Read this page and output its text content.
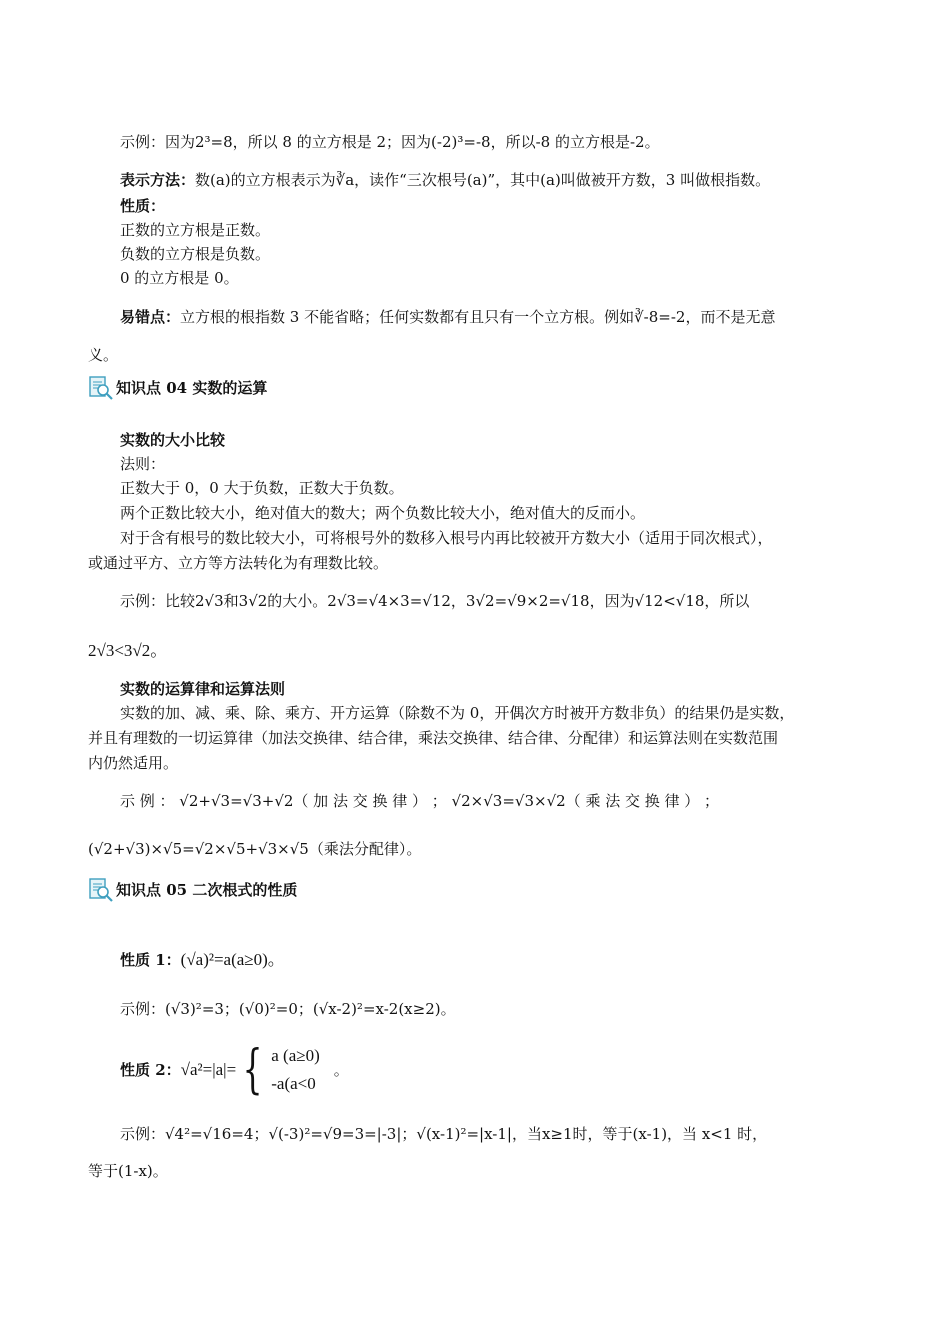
示例：因为2³=8，所以 8 的立方根是 2；因为(-2)³=-8，所以-8 的立方根是-2。
表示方法：数(a)的立方根表示为∛a，读作“三次根号(a)”，其中(a)叫做被开方数，3 叫做根指数。
性质：
正数的立方根是正数。
负数的立方根是负数。
0 的立方根是 0。
易错点：立方根的根指数 3 不能省略；任何实数都有且只有一个立方根。例如∛-8=-2，而不是无意
义。
知识点 04 实数的运算
实数的大小比较
法则：
正数大于 0，0 大于负数，正数大于负数。
两个正数比较大小，绝对值大的数大；两个负数比较大小，绝对值大的反而小。
对于含有根号的数比较大小，可将根号外的数移入根号内再比较被开方数大小（适用于同次根式），
或通过平方、立方等方法转化为有理数比较。
示例：比较2√3和3√2的大小。2√3=√4×3=√12，3√2=√9×2=√18，因为√12<√18，所以
2√3<3√2。
实数的运算律和运算法则
实数的加、减、乘、除、乘方、开方运算（除数不为 0，开偶次方时被开方数非负）的结果仍是实数，
并且有理数的一切运算律（加法交换律、结合律，乘法交换律、结合律、分配律）和运算法则在实数范围
内仍然适用。
示 例 ： √2+√3=√3+√2（ 加 法 交 换 律 ） ； √2×√3=√3×√2（ 乘 法 交 换 律 ） ；
(√2+√3)×√5=√2×√5+√3×√5（乘法分配律）。
知识点 05 二次根式的性质
性质 1：(√a)²=a(a≥0)。
示例：(√3)²=3；(√0)²=0；(√x-2)²=x-2(x≥2)。
性质 2： √a²=|a|= { a (a≥0)
-a(a<0
。
示例：√4²=√16=4；√(-3)²=√9=3=|-3|；√(x-1)²=|x-1|，当x≥1时，等于(x-1)，当 x<1 时，
等于(1-x)。
